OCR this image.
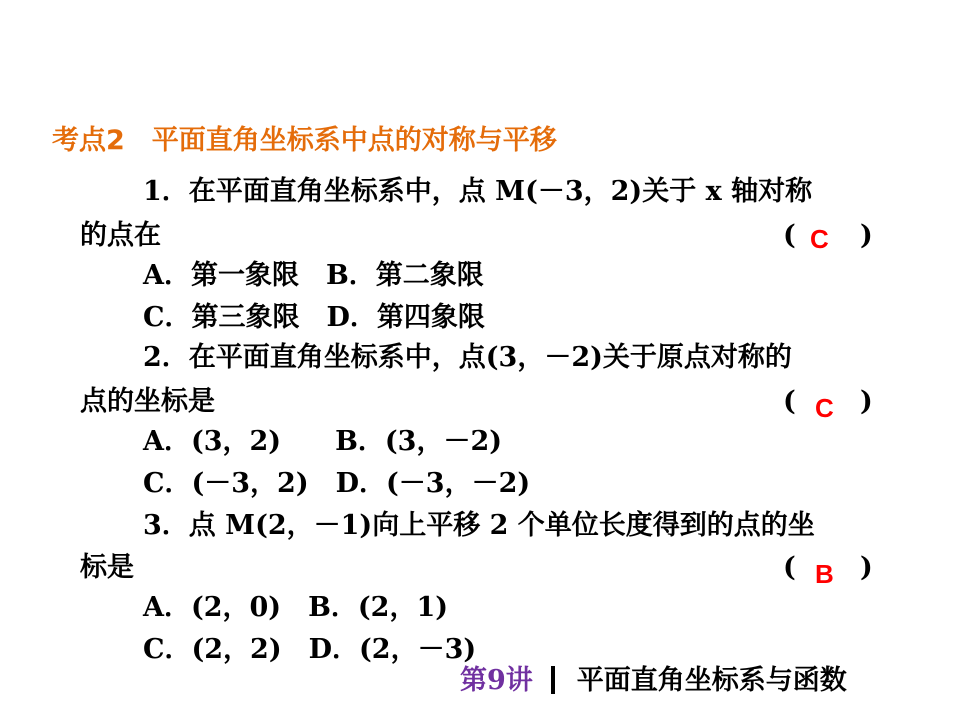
考点2　平面直角坐标系中点的对称与平移
1．在平面直角坐标系中，点 M(－3，2)关于 x 轴对称
的点在	( C )
A．第一象限　B．第二象限
C．第三象限　D．第四象限
2．在平面直角坐标系中，点(3，－2)关于原点对称的
点的坐标是	( C )
A．(3，2)　　B．(3，－2)
C．(－3，2)　D．(－3，－2)
3．点 M(2，－1)向上平移 2 个单位长度得到的点的坐
标是	( B )
A．(2，0)　B．(2，1)
C．(2，2)　D．(2，－3)
第9讲 平面直角坐标系与函数
